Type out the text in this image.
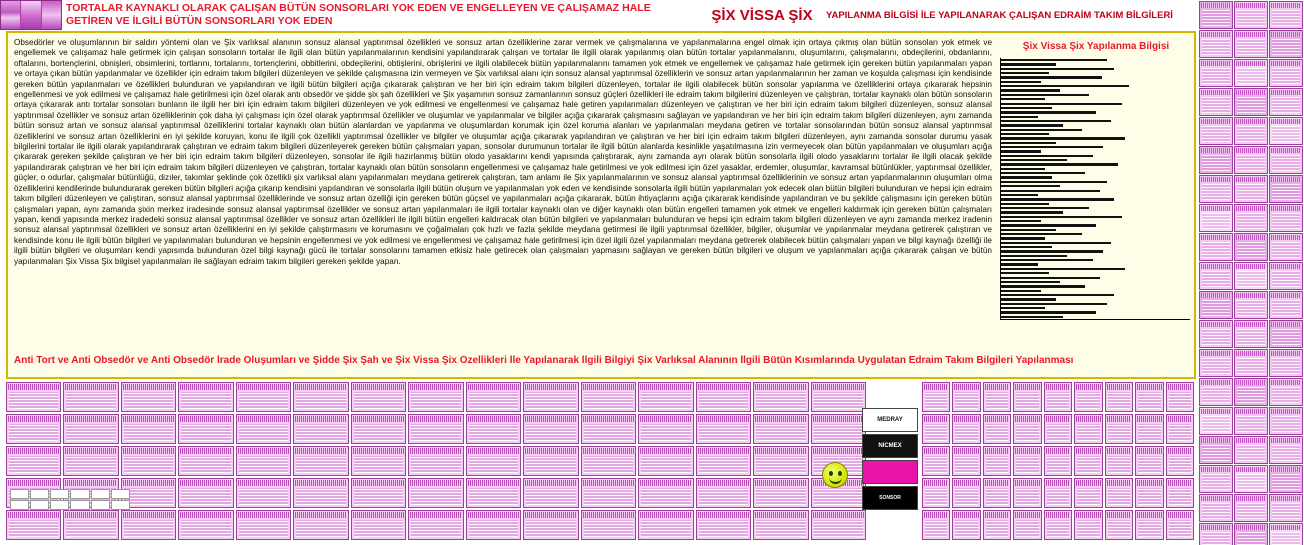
TORTALAR KAYNAKLI OLARAK ÇALIŞAN BÜTÜN SONSORLARI YOK EDEN VE ENGELLEYEN VE ÇALIŞAMAZ HALE GETİREN VE İLGİLİ BÜTÜN SONSORLARI YOK EDEN	ŞİX VİSSA ŞİX	YAPILANMA BİLGİSİ İLE YAPILANARAK ÇALIŞAN EDRAİM TAKIM BİLGİLERİ
Obsedörler ve oluşumlarının bir saldırı yöntemi olan ve Şix varlıksal alanının sonsuz alansal yaptırımsal özellikleri ve sonsuz artan özelliklerine zarar vermek ve çalışmalarına ve yapılanmalarına engel olmak için ortaya çıkmış olan bütün sonsoları yok etmek ve engellemek ve çalışamaz hale getirmek için çalışan sonsoların tortalar ile ilgili olan bütün yapılanmalarının kendisini yapılandırarak çalışan ve tortalar ile ilgili olarak yapılanmış olan bütün tortalar yapılanmalarını, oluşumlarını, çalışmalarını, obdeçilerini, obdanlarını, oftalarını, bortençlerini, obnişleri, obsimlerini, tortlarını, tortalarını, tortençlerini, obbitlerini, obdeçilerini, obtişlerini, obrişlerini ve ilgili olabilecek bütün yapılanmalarını tamamen yok etmek ve engellemek ve çalışamaz hale getirmek için gereken bütün yapılanmaları yapan ve ortaya çıkan bütün yapılanmalar ve özellikler için edraim takım bilgileri düzenleyen ve şekilde çalışmasına izin vermeyen ve Şix varlıksal alanı için sonsuz alansal yaptırımsal özelliklerin ve sonsuz artan yapılanmalarının her zaman ve koşulda çalışması için kendisinde gereken bütün yapılanmaları ve özellikleri bulunduran ve yapılandıran ve ilgili bütün bilgileri açığa çıkararak çalıştıran ve her biri için edraim takım bilgileri düzenleyen, tortalar ile ilgili olabilecek bütün sonsolar yapılanma ve özelliklerini ortaya çıkararak hepsinin engellenmesi ve yok edilmesi ve çalışamaz hale getirilmesi için özel olarak antı obsedör ve şidde şix şah özellikleri ve Şix yaşamının sonsuz zamanlarının sonsuz güçleri özellikleri ile edraim takım bilgilerini düzenleyen ve çalıştıran, tortalar kaynaklı olan bütün sonsoların ortaya çıkararak antı tortalar sonsoları bunların ile ilgili her biri için edraim takım bilgileri düzenleyen ve yok edilmesi ve engellenmesi ve çalışamaz hale getiren yapılanmaları düzenleyen ve çalıştıran ve her biri için edraim takım bilgileri düzenleyen, sonsuz alansal yaptırımsal özellikler ve sonsuz artan özelliklerinin çok daha iyi çalışması için özel olarak yaptırımsal özellikler ve oluşumlar ve yapılanmalar ve bilgiler açığa çıkararak çalışmasını sağlayan ve yapılandıran ve her biri için edraim takım bilgileri düzenleyen, aynı zamanda bütün sonsuz artan ve sonsuz alansal yaptırımsal özelliklerini tortalar kaynaklı olan bütün alanlardan ve yapılanma ve oluşumlardan korumak için özel koruma alanları ve yapılanmaları meydana getiren ve tortalar sonsolarından bütün sonsuz alansal yaptırımsal özelliklerini ve sonsuz artan özelliklerini en iyi şekilde koruyan, konu ile ilgili çok özellikli yaptırımsal özellikler ve bilgiler ve oluşumlar açığa çıkararak yapılandıran ve çalıştıran ve her biri için edraim takım bilgileri düzenleyen, aynı zamanda sonsolar durumu yasak bilgilerini tortalar ile ilgili olarak yapılandırarak çalıştıran ve edraim takım bilgileri düzenleyerek gereken bütün çalışmaları yapan, sonsolar durumunun tortalar ile ilgili bütün alanlarda kesinlikle yaşatılmasına izin vermeyecek olan bütün yapılanmaları ve oluşumları açığa çıkararak gereken şekilde çalıştıran ve her biri için edraim takım bilgileri düzenleyen, sonsolar ile ilgili hazırlanmış bütün olodo yasaklarını kendi yapısında çalıştırarak, aynı zamanda ayrı olarak bütün sonsolarla ilgili olodo yasaklarını tortalar ile ilgili olacak şekilde yapılandırarak çalıştıran ve her biri için edraim takım bilgileri düzenleyen ve çalıştıran, tortalar kaynaklı olan bütün sonsoların engellenmesi ve çalışamaz hale getirilmesi ve yok edilmesi için özel yasaklar, erdemler, oluşumlar, kavramsal bütünlükler, yaptırımsal özellikler, güçler, o odurlar, çalışmalar bütünlüğü, dizıler, takımlar şeklinde çok özellikli şix varlıksal alanı yapılanmaları meydana getirerek çalıştıran, tam anlamı ile Şix yapılanmalarının ve sonsuz alansal yaptırımsal özelliklerinin ve sonsuz artan yapılanmalarının oluşumları olma özelliklerini kendilerinde bulundurarak gereken bütün bilgileri açığa çıkarıp kendisini yapılandıran ve sonsolarla ilgili bütün oluşum ve yapılanmaları yok eden ve kendisinde sonsolarla ilgili bütün yapılanmaları yok edecek olan bütün bilgileri bulunduran ve hepsi için edraim takım bilgileri düzenleyen ve çalıştıran, sonsuz alansal yaptırımsal özelliklerinde ve sonsuz artan özelliği için gereken bütün güçsel ve yapılanmaları açığa çıkararak, bütün ihtiyaçlarını açığa çıkararak kendisinde yapılandıran ve bu şekilde çalışmasını için gereken bütün çalışmaları yapan, aynı zamanda şixin merkez iradesinde sonsuz alansal yaptırımsal özellikler ve sonsuz artan yapılanmaları ile ilgili tortalar kaynaklı olan ve diğer kaynaklı olan bütün engelleri tamamen yok etmek ve engelleri kaldırmak için gereken bütün çalışmaları yapan, kendi yapısında merkez iradedeki sonsuz alansal yaptırımsal özellikler ve sonsuz artan özellikleri ile ilgili bütün engelleri kaldıracak olan bütün bilgileri ve yapılanmaları bulunduran ve hepsi için edraim takım bilgileri düzenleyen ve aynı zamanda merkez iradenin sonsuz alansal yaptırımsal özellikleri ve sonsuz artan özelliklerini en iyi şekilde çalıştırmasını ve korumasını ve çoğalmaları çok hızlı ve fazla şekilde meydana getirmesi ile ilgili yaptırımsal özellikler, bilgiler, oluşumlar ve yapılanmalar meydana getirerek çalıştıran ve kendisinde konu ile ilgili bütün bilgileri ve yapılanmaları bulunduran ve hepsinin engellenmesi ve yok edilmesi ve engellenmesi ve çalışamaz hale getirilmesi için özel ilgili özel yapılanmaları meydana getirerek olabilecek bütün çalışmaları yapan ve bilgi kaynağı özelliği ile ilgili bütün bilgileri ve oluşumları kendi yapısında bulunduran özel bilgi kaynağı gücü ile tortalar sonsolarını tamamen etkisiz hale getirecek olan çalışmaları yapmasını sağlayan ve gereken bütün bilgileri ve oluşum ve yapılanmaları açığa çıkararak çalışan ve bütün yapılanmaları Şix Vissa Şix bilgisel yapılanmaları ile sağlayan edraim takım bilgileri gereken şekilde yapan.
Anti Tort ve Anti Obsedör ve Anti Obsedör İrade Oluşumları ve Şidde Şix Şah ve Şix Vissa Şix Özellikleri İle Yapılanarak İlgili Bilgiyi Şix Varlıksal Alanının İlgili Bütün Kısımlarında Uygulatan Edraim Takım Bilgileri Yapılanması
Şix Vissa Şix Yapılanma Bilgisi
MEDRAY
NICMEX
SONSOR
